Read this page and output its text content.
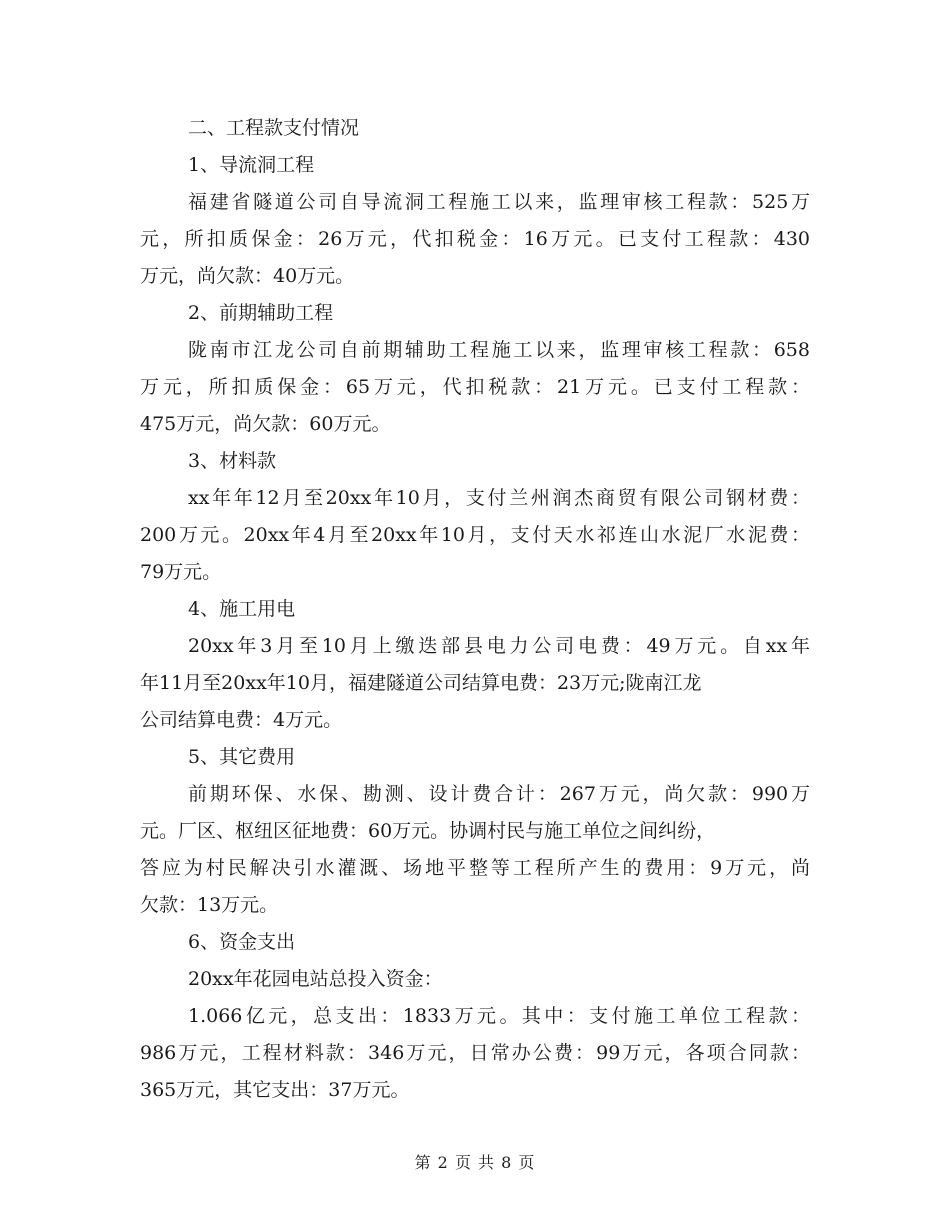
二、工程款支付情况
1、导流洞工程
福建省隧道公司自导流洞工程施工以来，监理审核工程款：525万
元，所扣质保金：26万元，代扣税金：16万元。已支付工程款：430
万元，尚欠款：40万元。
2、前期辅助工程
陇南市江龙公司自前期辅助工程施工以来，监理审核工程款：658
万元，所扣质保金：65万元，代扣税款：21万元。已支付工程款：
475万元，尚欠款：60万元。
3、材料款
xx年年12月至20xx年10月，支付兰州润杰商贸有限公司钢材费：
200万元。20xx年4月至20xx年10月，支付天水祁连山水泥厂水泥费：
79万元。
4、施工用电
20xx年3月至10月上缴迭部县电力公司电费：49万元。自xx年
年11月至20xx年10月，福建隧道公司结算电费：23万元;陇南江龙
公司结算电费：4万元。
5、其它费用
前期环保、水保、勘测、设计费合计：267万元，尚欠款：990万
元。厂区、枢纽区征地费：60万元。协调村民与施工单位之间纠纷，
答应为村民解决引水灌溉、场地平整等工程所产生的费用：9万元，尚
欠款：13万元。
6、资金支出
20xx年花园电站总投入资金：
1.066亿元，总支出：1833万元。其中：支付施工单位工程款：
986万元，工程材料款：346万元，日常办公费：99万元，各项合同款：
365万元，其它支出：37万元。
第 2 页 共 8 页
